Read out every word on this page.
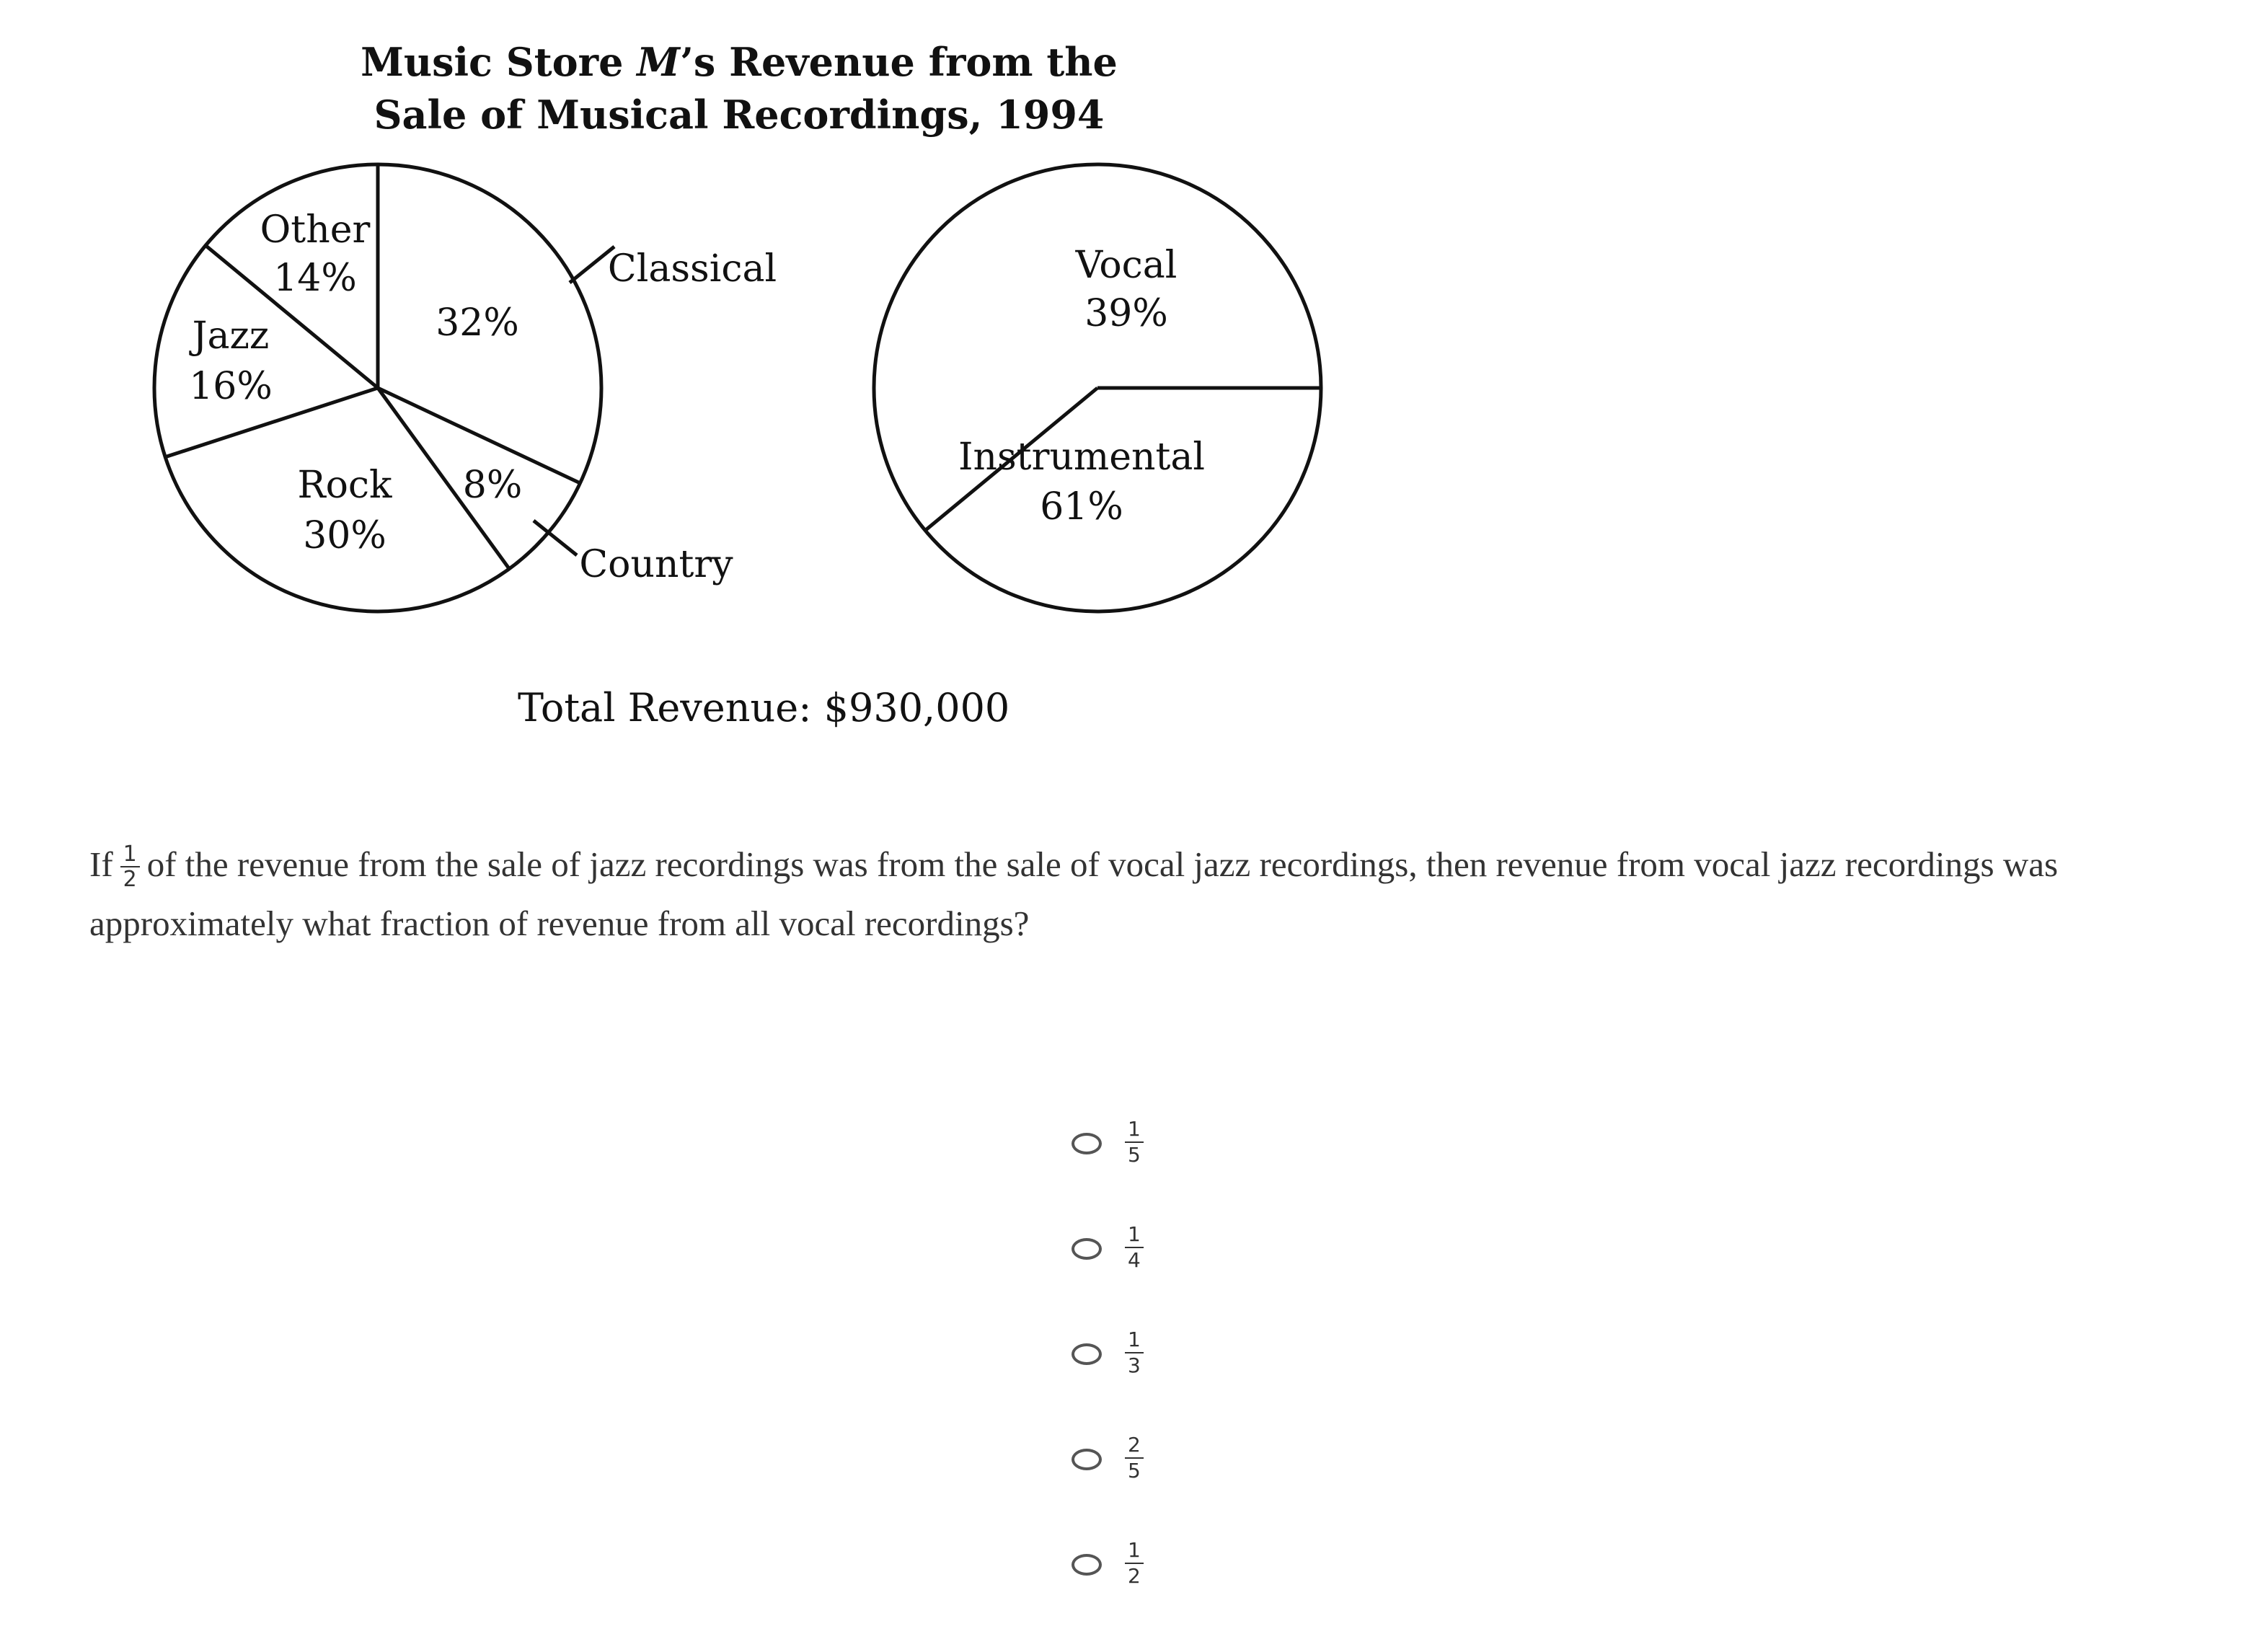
Music Store M’s Revenue from the
Sale of Musical Recordings, 1994
Classical
32%
Country
8%
Rock
30%
Jazz
16%
Other
14%	Vocal
39%
Instrumental
61%
Total Revenue: $930,000
If $\frac{1}{2}$ of the revenue from the sale of jazz recordings was from the sale of vocal jazz recordings, then revenue from vocal jazz recordings was approximately what fraction of revenue from all vocal recordings?
$\frac{1}{5}$
$\frac{1}{4}$
$\frac{1}{3}$
$\frac{2}{5}$
$\frac{1}{2}$
